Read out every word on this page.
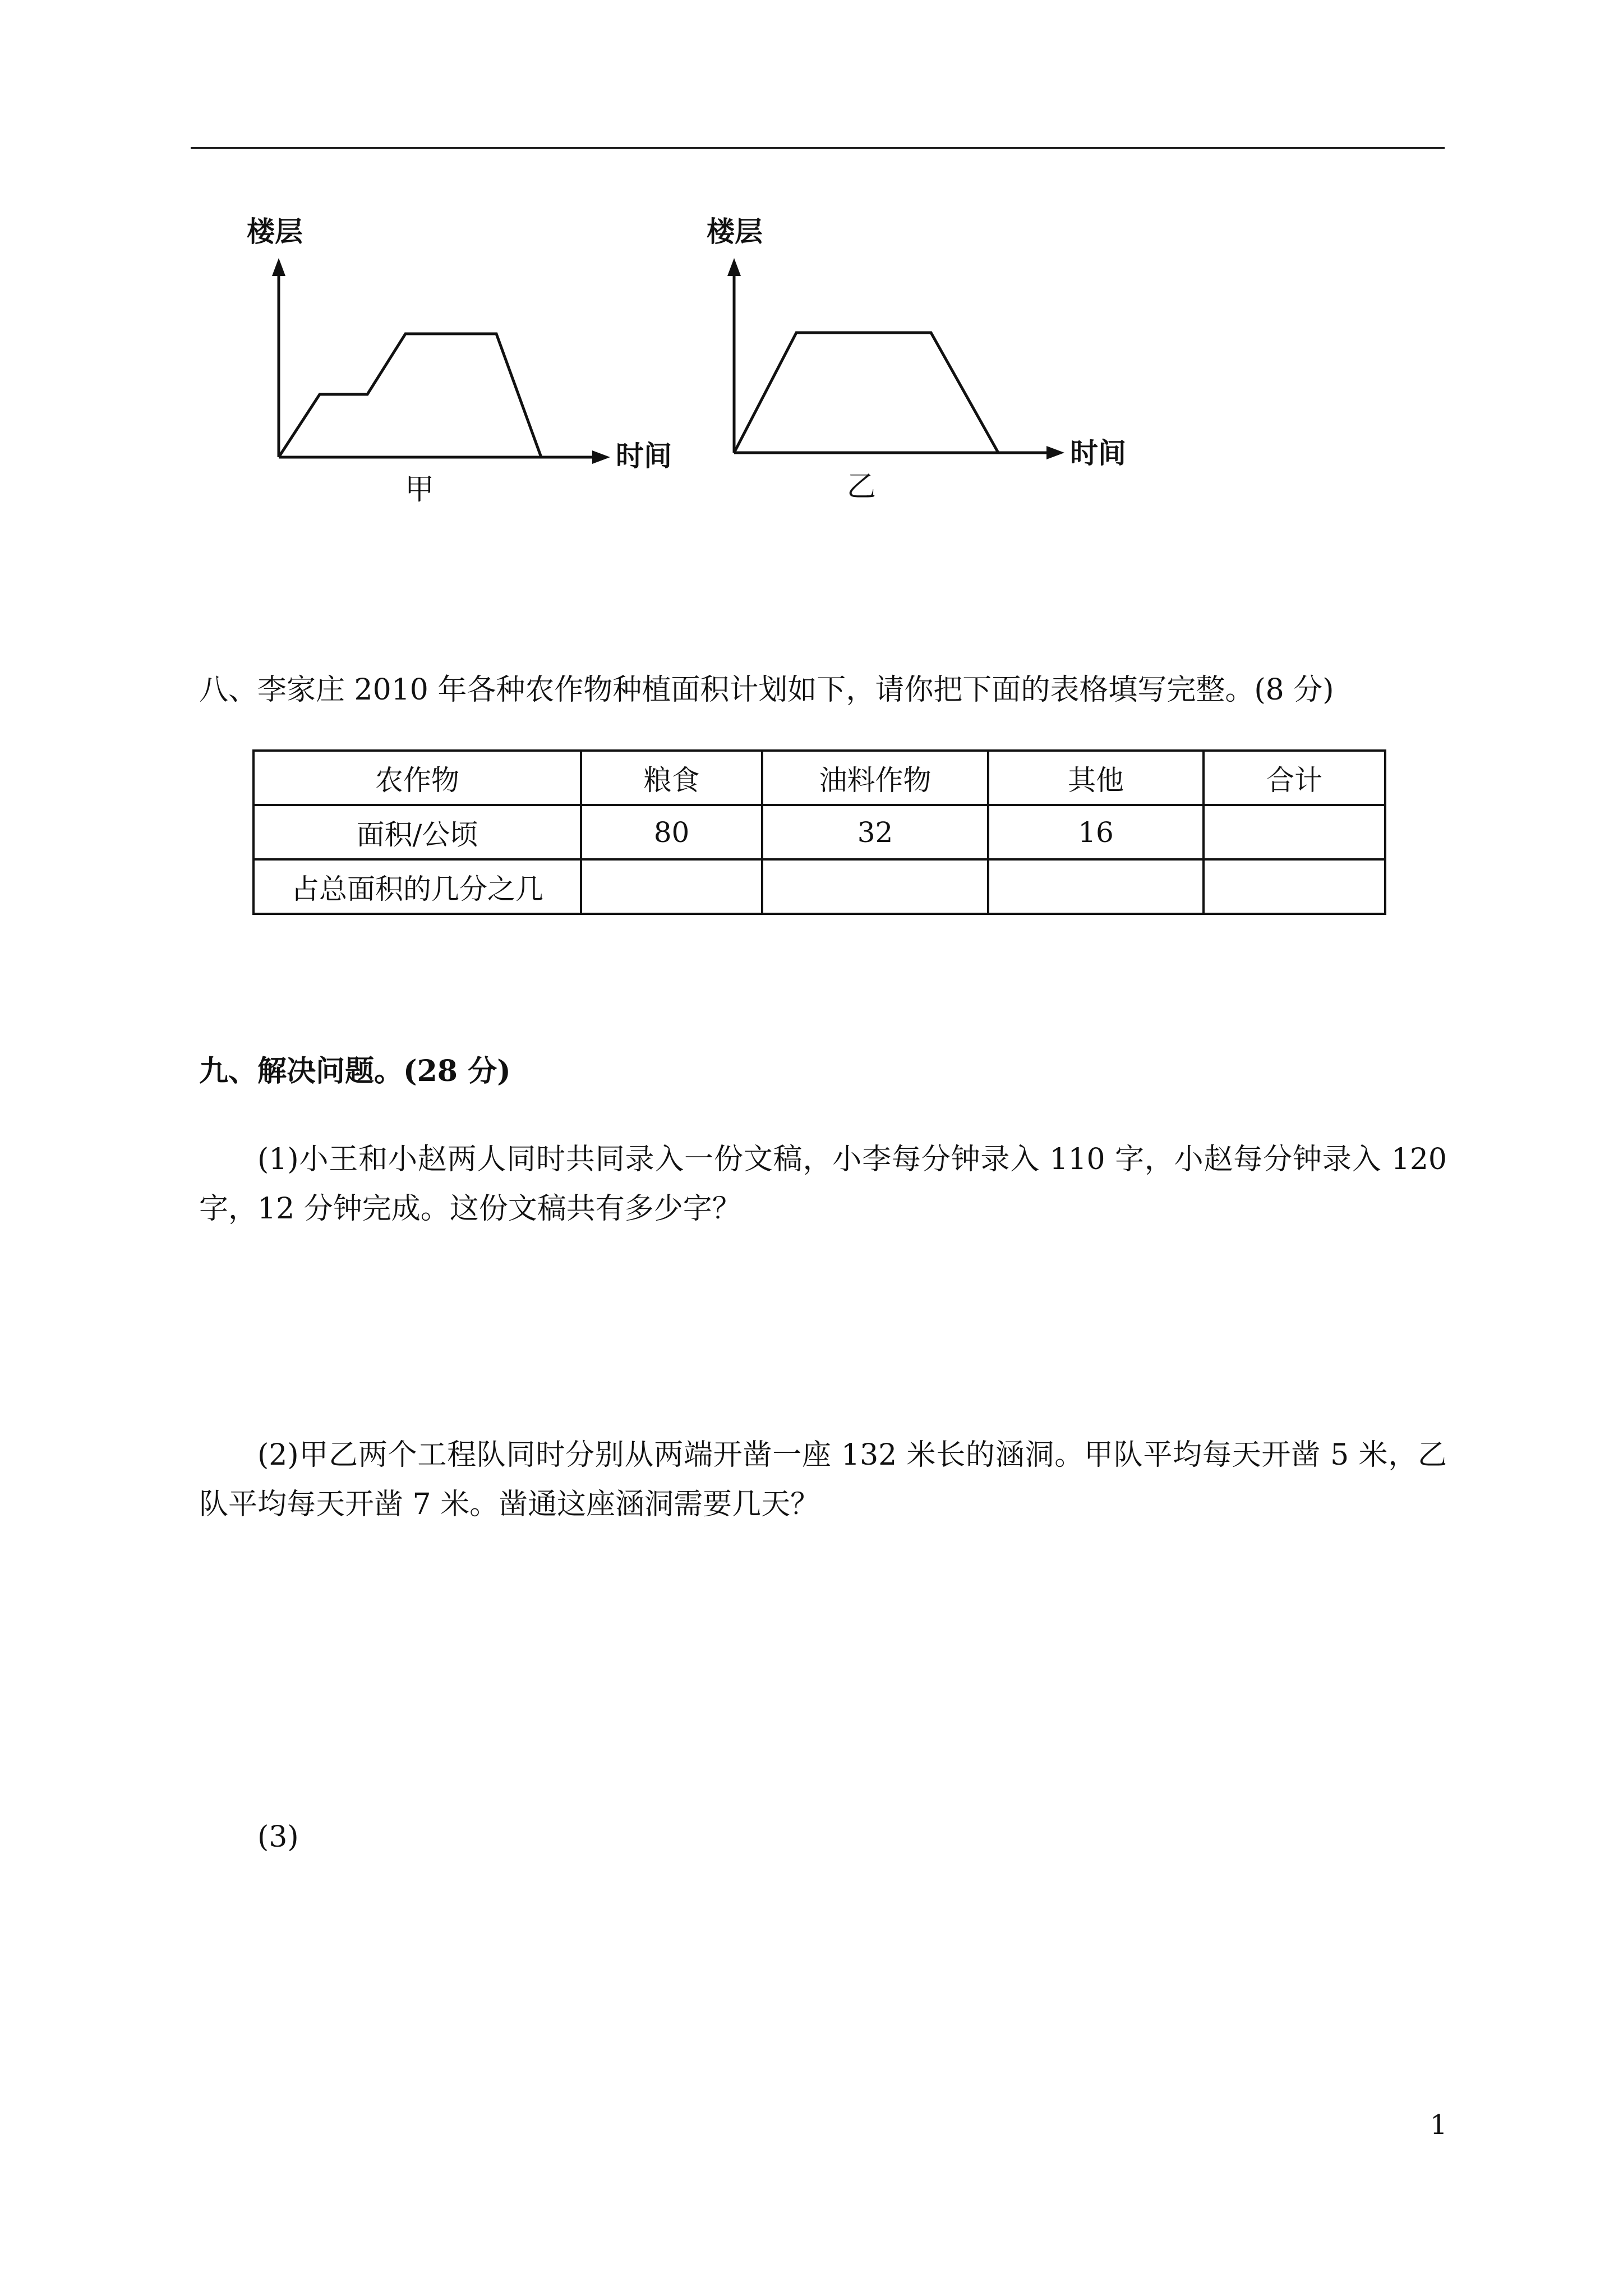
楼层
时间
甲
楼层
时间
乙
八、李家庄 2010 年各种农作物种植面积计划如下，请你把下面的表格填写完整。(8 分)
农作物	粮食	油料作物	其他	合计
面积/公顷	80	32	16	
占总面积的几分之几				
九、解决问题。(28 分)
(1)小王和小赵两人同时共同录入一份文稿，小李每分钟录入 110 字，小赵每分钟录入 120 字，12 分钟完成。这份文稿共有多少字？
(2)甲乙两个工程队同时分别从两端开凿一座 132 米长的涵洞。甲队平均每天开凿 5 米，乙队平均每天开凿 7 米。凿通这座涵洞需要几天？
(3)
1
